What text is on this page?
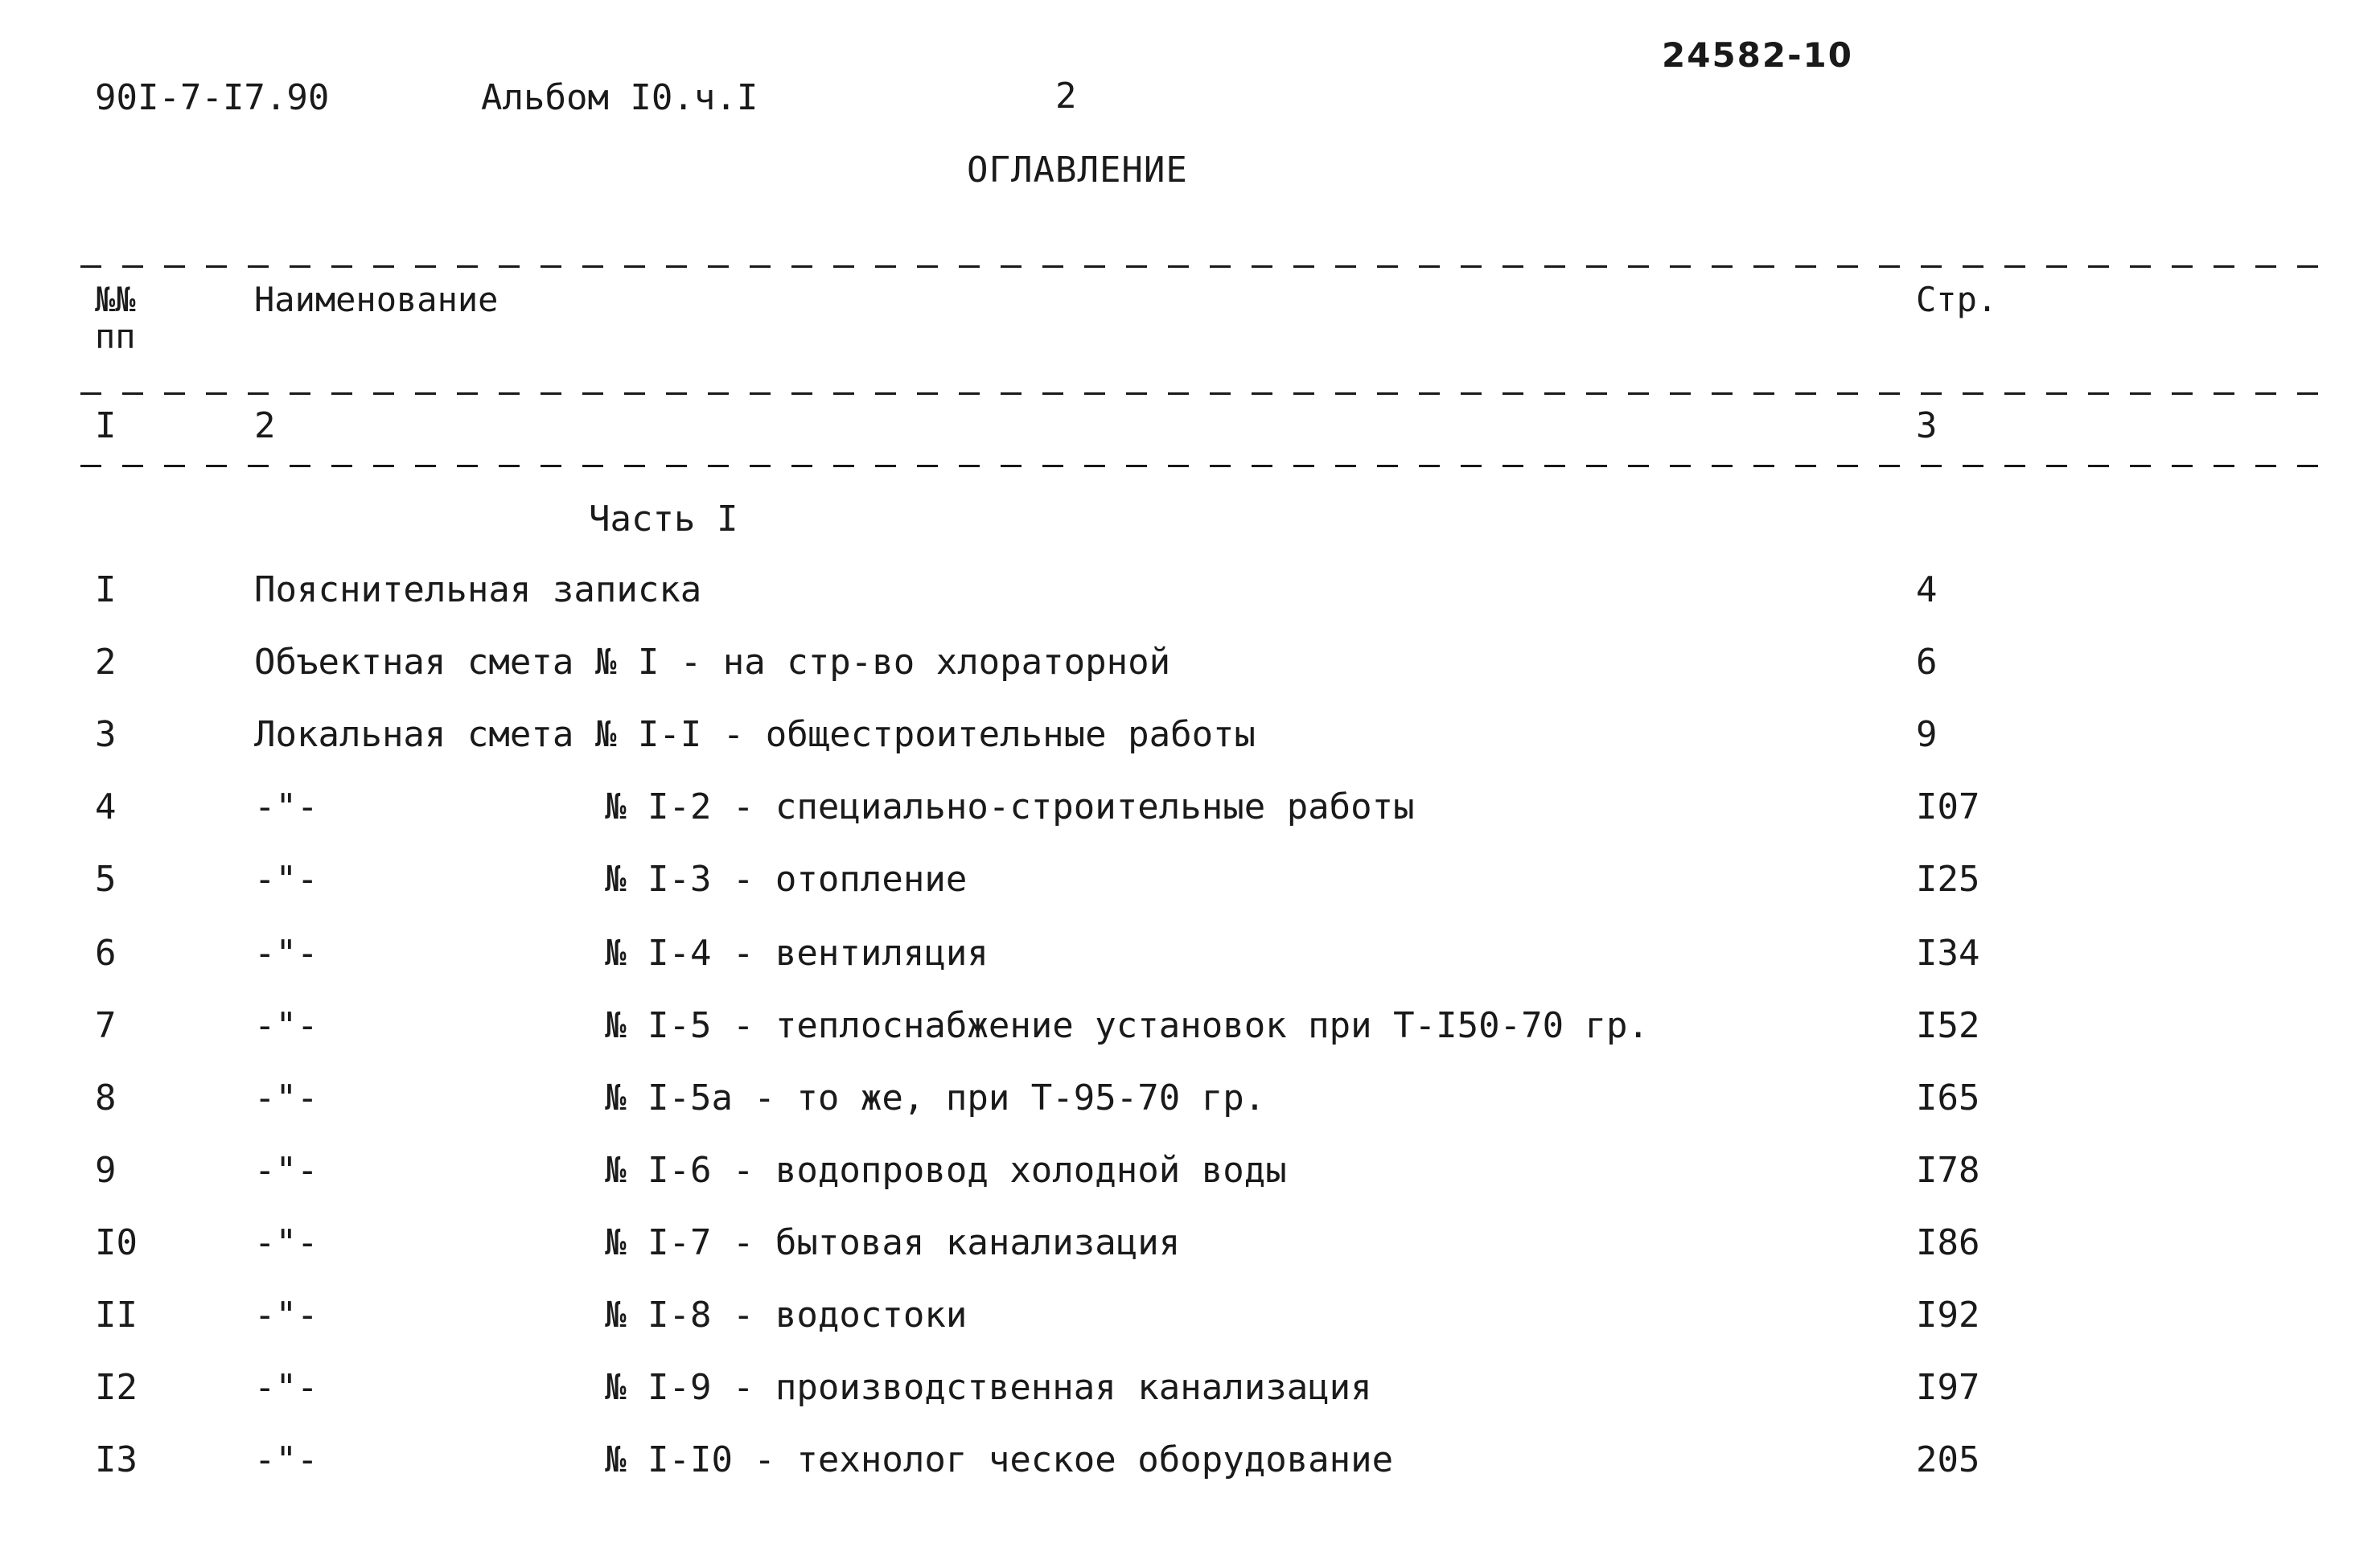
90I-7-I7.90	Альбом I0.ч.I	2
24582-10
ОГЛАВЛЕНИЕ
№№
пп
Наименование	Стр.
I	2	3
Часть I
I	Пояснительная записка	4
2	Объектная смета № I - на стр-во хлораторной	6
3	Локальная смета № I-I - общестроительные работы	9
4	-"-	№ I-2 - специально-строительные работы	I07
5	-"-	№ I-3 - отопление	I25
6	-"-	№ I-4 - вентиляция	I34
7	-"-	№ I-5 - теплоснабжение установок при Т-I50-70 гр.	I52
8	-"-	№ I-5а - то же, при Т-95-70 гр.	I65
9	-"-	№ I-6 - водопровод холодной воды	I78
I0	-"-	№ I-7 - бытовая канализация	I86
II	-"-	№ I-8 - водостоки	I92
I2	-"-	№ I-9 - производственная канализация	I97
I3	-"-	№ I-I0 - технолог ческое оборудование	205
